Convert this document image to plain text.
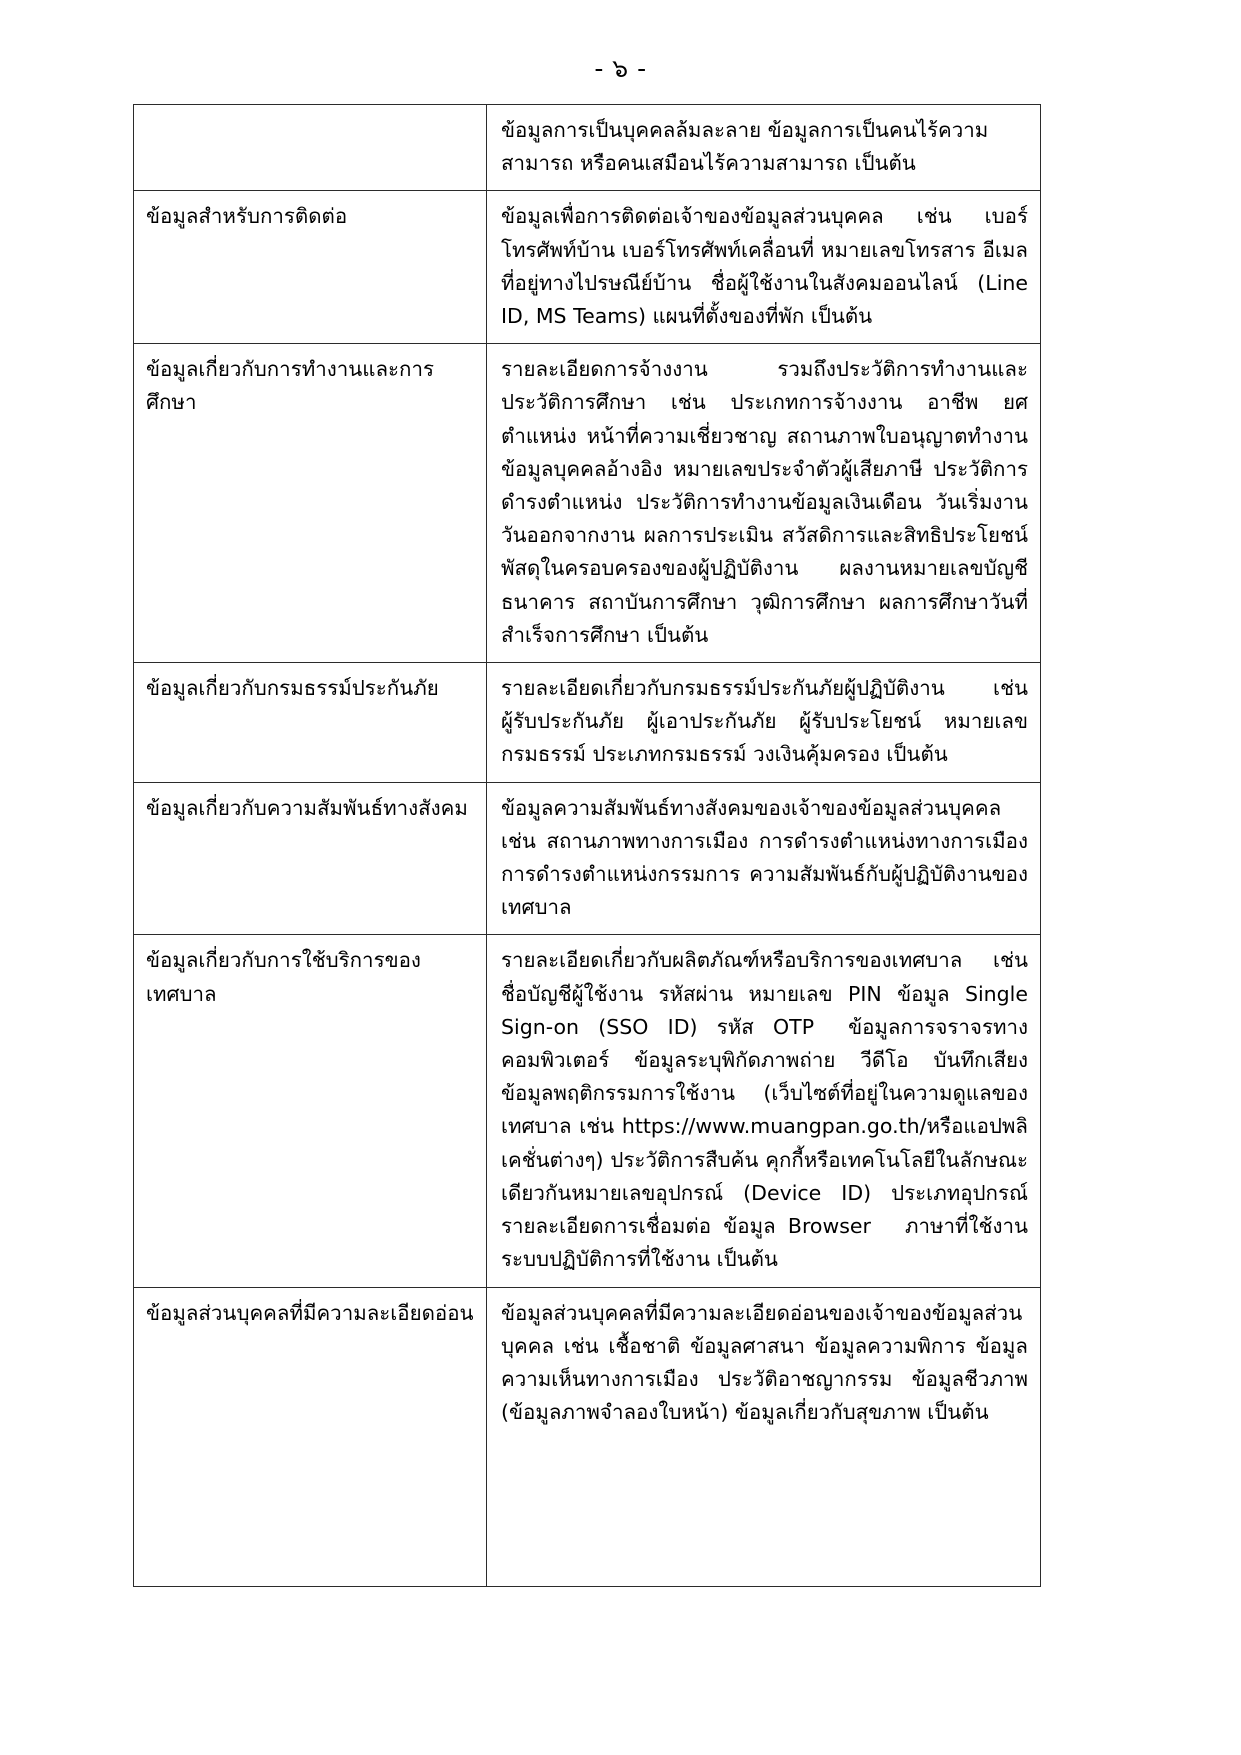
- ๖ -
	ข้อมูลการเป็นบุคคลล้มละลาย ข้อมูลการเป็นคนไร้ความสามารถ หรือคนเสมือนไร้ความสามารถ เป็นต้น
ข้อมูลสำหรับการติดต่อ	ข้อมูลเพื่อการติดต่อเจ้าของข้อมูลส่วนบุคคล เช่น เบอร์โทรศัพท์บ้าน เบอร์โทรศัพท์เคลื่อนที่ หมายเลขโทรสาร อีเมล ที่อยู่ทางไปรษณีย์บ้าน ชื่อผู้ใช้งานในสังคมออนไลน์ (Line ID, MS Teams) แผนที่ตั้งของที่พัก เป็นต้น
ข้อมูลเกี่ยวกับการทำงานและการศึกษา	รายละเอียดการจ้างงาน รวมถึงประวัติการทำงานและประวัติการศึกษา เช่น ประเกทการจ้างงาน อาชีพ ยศ ตำแหน่ง หน้าที่ความเชี่ยวชาญ สถานภาพใบอนุญาตทำงาน ข้อมูลบุคคลอ้างอิง หมายเลขประจำตัวผู้เสียภาษี ประวัติการดำรงตำแหน่ง ประวัติการทำงานข้อมูลเงินเดือน วันเริ่มงาน วันออกจากงาน ผลการประเมิน สวัสดิการและสิทธิประโยชน์ พัสดุในครอบครองของผู้ปฏิบัติงาน ผลงานหมายเลขบัญชีธนาคาร สถาบันการศึกษา วุฒิการศึกษา ผลการศึกษาวันที่สำเร็จการศึกษา เป็นต้น
ข้อมูลเกี่ยวกับกรมธรรม์ประกันภัย	รายละเอียดเกี่ยวกับกรมธรรม์ประกันภัยผู้ปฏิบัติงาน เช่น ผู้รับประกันภัย ผู้เอาประกันภัย ผู้รับประโยชน์ หมายเลขกรมธรรม์ ประเภทกรมธรรม์ วงเงินคุ้มครอง เป็นต้น
ข้อมูลเกี่ยวกับความสัมพันธ์ทางสังคม	ข้อมูลความสัมพันธ์ทางสังคมของเจ้าของข้อมูลส่วนบุคคล เช่น สถานภาพทางการเมือง การดำรงตำแหน่งทางการเมือง การดำรงตำแหน่งกรรมการ ความสัมพันธ์กับผู้ปฏิบัติงานของ เทศบาล
ข้อมูลเกี่ยวกับการใช้บริการของเทศบาล	รายละเอียดเกี่ยวกับผลิตภัณฑ์หรือบริการของเทศบาล เช่น ชื่อบัญชีผู้ใช้งาน รหัสผ่าน หมายเลข PIN ข้อมูล Single Sign-on (SSO ID) รหัส OTP ข้อมูลการจราจรทางคอมพิวเตอร์ ข้อมูลระบุพิกัดภาพถ่าย วีดีโอ บันทึกเสียง ข้อมูลพฤติกรรมการใช้งาน (เว็บไซต์ที่อยู่ในความดูแลของเทศบาล เช่น https://www.muangpan.go.th/หรือแอปพลิเคชั่นต่างๆ) ประวัติการสืบค้น คุกกี้หรือเทคโนโลยีในลักษณะเดียวกันหมายเลขอุปกรณ์ (Device ID) ประเภทอุปกรณ์ รายละเอียดการเชื่อมต่อ ข้อมูล Browser ภาษาที่ใช้งาน ระบบปฏิบัติการที่ใช้งาน เป็นต้น
ข้อมูลส่วนบุคคลที่มีความละเอียดอ่อน	ข้อมูลส่วนบุคคลที่มีความละเอียดอ่อนของเจ้าของข้อมูลส่วนบุคคล เช่น เชื้อชาติ ข้อมูลศาสนา ข้อมูลความพิการ ข้อมูลความเห็นทางการเมือง ประวัติอาชญากรรม ข้อมูลชีวภาพ (ข้อมูลภาพจำลองใบหน้า) ข้อมูลเกี่ยวกับสุขภาพ เป็นต้น
